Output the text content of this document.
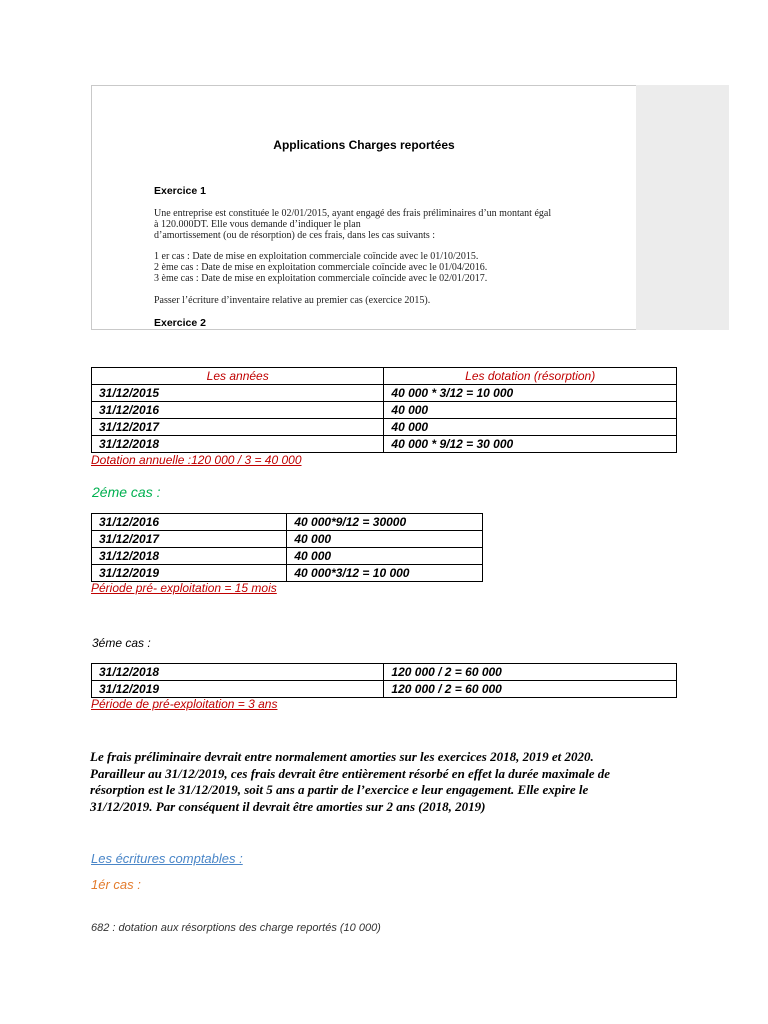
Applications Charges reportées
Exercice 1
Une entreprise est constituée le 02/01/2015, ayant engagé des frais préliminaires d’un montant égal
à 120.000DT. Elle vous demande d’indiquer le plan
d’amortissement (ou de résorption) de ces frais, dans les cas suivants :
1 er cas : Date de mise en exploitation commerciale coïncide avec le 01/10/2015.
2 ème cas : Date de mise en exploitation commerciale coïncide avec le 01/04/2016.
3 ème cas : Date de mise en exploitation commerciale coïncide avec le 02/01/2017.
Passer l’écriture d’inventaire relative au premier cas (exercice 2015).
Exercice 2
Les années	Les dotation (résorption)
31/12/2015	40 000 * 3/12 = 10 000
31/12/2016	40 000
31/12/2017	40 000
31/12/2018	40 000 * 9/12 = 30 000
Dotation annuelle :120 000 / 3 = 40 000
2éme cas :
31/12/2016	40 000*9/12 = 30000
31/12/2017	40 000
31/12/2018	40 000
31/12/2019	40 000*3/12 = 10 000
Période pré- exploitation = 15 mois
3éme cas :
31/12/2018	120 000 / 2 = 60 000
31/12/2019	120 000 / 2 = 60 000
Période de pré-exploitation = 3 ans
Le frais préliminaire devrait entre normalement amorties sur les exercices 2018, 2019 et 2020.
Parailleur au 31/12/2019, ces frais devrait être entièrement résorbé en effet la durée maximale de
résorption est le 31/12/2019, soit 5 ans a partir de l’exercice e leur engagement. Elle expire le
31/12/2019. Par conséquent il devrait être amorties sur 2 ans (2018, 2019)
Les écritures comptables :
1ér cas :
682 : dotation aux résorptions des charge reportés (10 000)
